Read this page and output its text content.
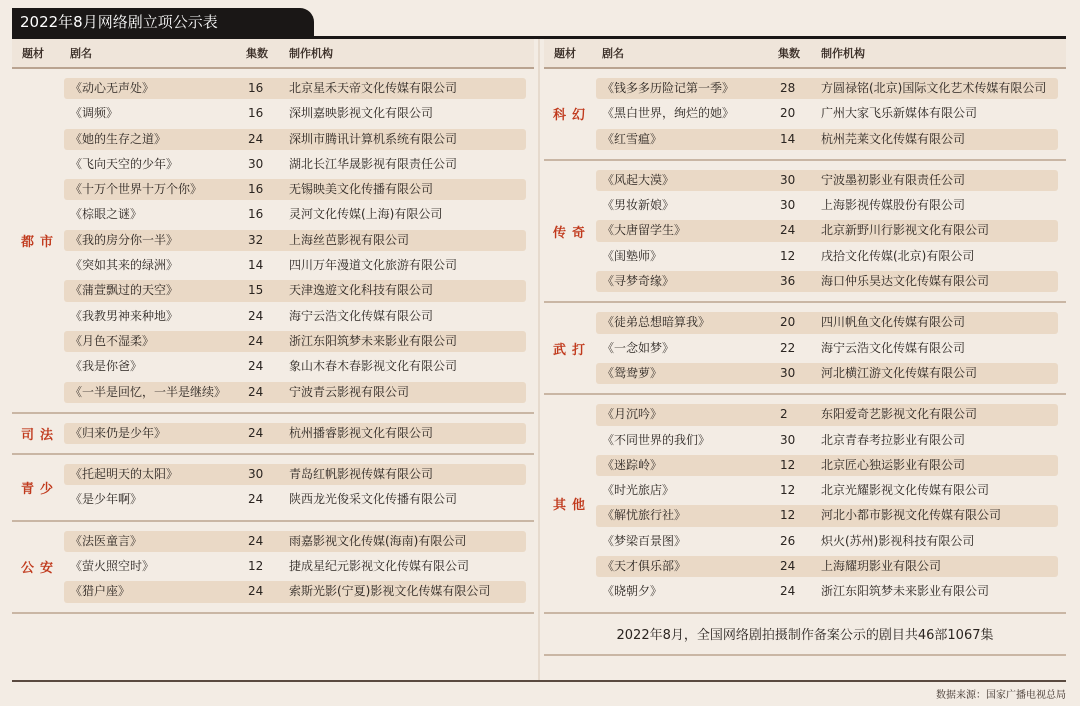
2022年8月网络剧立项公示表
题材 剧名	集数 制作机构
都市
《动心无声处》	16 北京星禾天帝文化传媒有限公司
《调频》	16 深圳嘉映影视文化有限公司
《她的生存之道》	24 深圳市腾讯计算机系统有限公司
《飞向天空的少年》	30 湖北长江华晟影视有限责任公司
《十万个世界十万个你》	16 无锡映美文化传播有限公司
《棕眼之谜》	16 灵河文化传媒(上海)有限公司
《我的房分你一半》	32 上海丝芭影视有限公司
《突如其来的绿洲》	14 四川万年漫道文化旅游有限公司
《蒲萱飘过的天空》	15 天津逸遊文化科技有限公司
《我教男神来种地》	24 海宁云浩文化传媒有限公司
《月色不湿柔》	24 浙江东阳筑梦未来影业有限公司
《我是你爸》	24 象山木春木春影视文化有限公司
《一半是回忆，一半是继续》 24 宁波青云影视有限公司
司法 《归来仍是少年》	24 杭州播睿影视文化有限公司
青少
《托起明天的太阳》	30 青岛红帆影视传媒有限公司
《是少年啊》	24 陕西龙光俊采文化传播有限公司
公安
《法医童言》	24 雨嘉影视文化传媒(海南)有限公司
《萤火照空时》	12 捷成星纪元影视文化传媒有限公司
《猎户座》	24 索斯光影(宁夏)影视文化传媒有限公司
题材 剧名	集数 制作机构
科幻
《钱多多历险记第一季》	28 方圆禄铭(北京)国际文化艺术传媒有限公司
《黑白世界，绚烂的她》	20 广州大家飞乐新媒体有限公司
《红雪瘟》	14 杭州芫莱文化传媒有限公司
传奇
《风起大漠》	30 宁波墨初影业有限责任公司
《男妆新娘》	30 上海影视传媒股份有限公司
《大唐留学生》	24 北京新野川行影视文化有限公司
《闺塾师》	12 戌拾文化传媒(北京)有限公司
《寻梦奇缘》	36 海口仲乐昊达文化传媒有限公司
武打
《徒弟总想暗算我》	20 四川帆鱼文化传媒有限公司
《一念如梦》	22 海宁云浩文化传媒有限公司
《鸳鸯萝》	30 河北横江游文化传媒有限公司
其他
《月沉吟》	2	东阳爱奇艺影视文化有限公司
《不同世界的我们》	30 北京青春考拉影业有限公司
《迷踪岭》	12 北京匠心独运影业有限公司
《时光旅店》	12 北京光耀影视文化传媒有限公司
《解忧旅行社》	12 河北小都市影视文化传媒有限公司
《梦梁百景图》	26 炽火(苏州)影视科技有限公司
《天才俱乐部》	24 上海耀玥影业有限公司
《晓朝夕》	24 浙江东阳筑梦未来影业有限公司
2022年8月，全国网络剧拍摄制作备案公示的剧目共46部1067集
数据来源：国家广播电视总局
